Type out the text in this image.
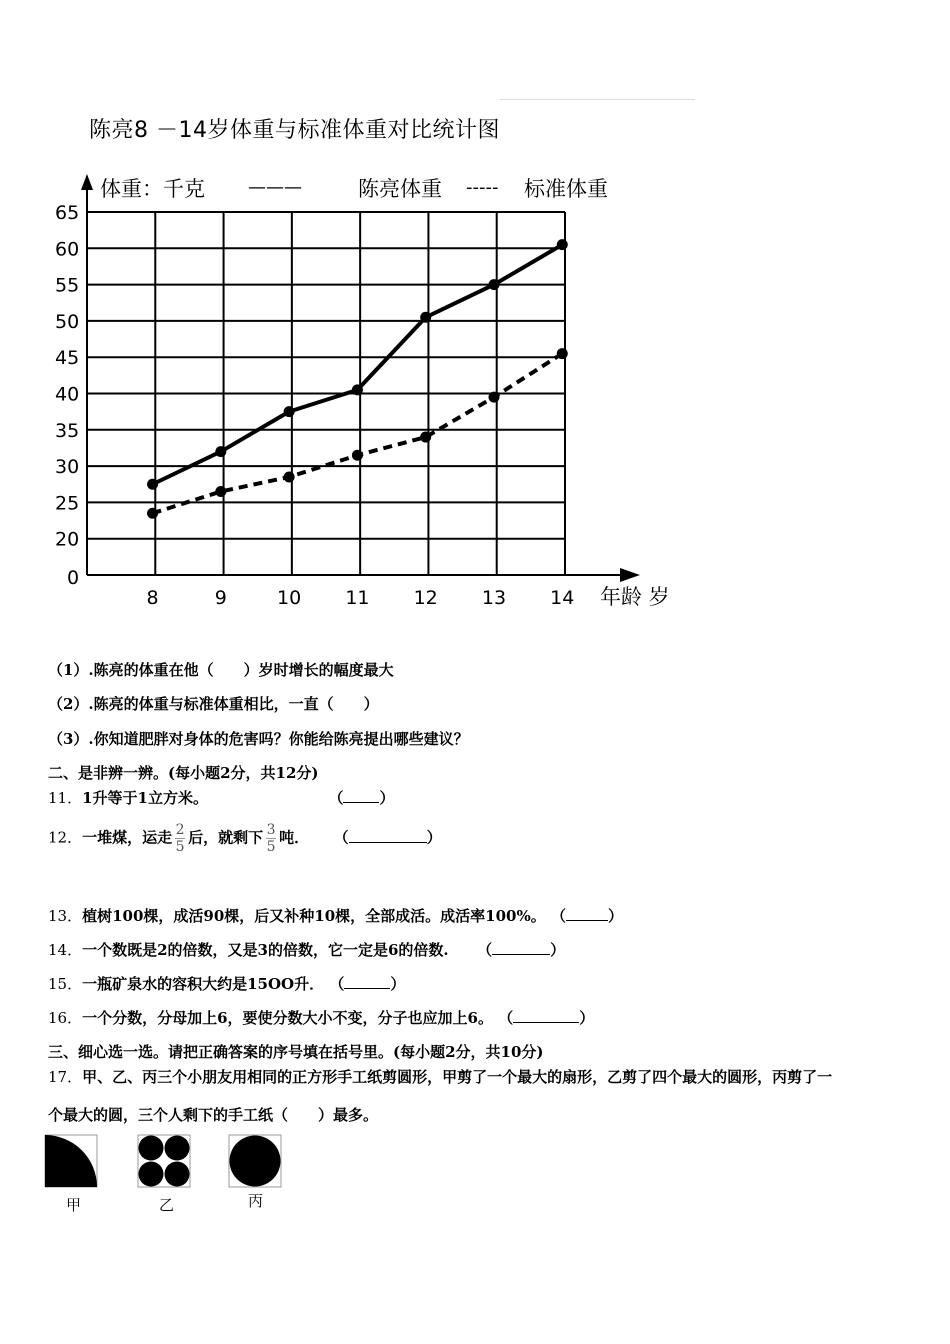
陈亮8 －14岁体重与标准体重对比统计图
0
20
25
30
35
40
45
50
55
60
65
8	9	10 11 12 13 14
体重：千克 ———	陈亮体重 ----- 标准体重
年龄 岁
（1）.陈亮的体重在他（　　）岁时增长的幅度最大
（2）.陈亮的体重与标准体重相比，一直（　　）
（3）.你知道肥胖对身体的危害吗？你能给陈亮提出哪些建议？
二、是非辨一辨。(每小题2分，共12分)
11．1升等于1立方米。	（ ）
12．一堆煤，运走 $\frac{2}{5}$ 后，就剩下 $\frac{3}{5}$ 吨． （	）
13．植树100棵，成活90棵，后又补种10棵，全部成活。成活率100%。 （	）
14．一个数既是2的倍数，又是3的倍数，它一定是6的倍数. （	）
15．一瓶矿泉水的容积大约是15OO升． （	）
16．一个分数，分母加上6，要使分数大小不变，分子也应加上6。 （	）
三、细心选一选。请把正确答案的序号填在括号里。(每小题2分，共10分)
17．甲、乙、丙三个小朋友用相同的正方形手工纸剪圆形，甲剪了一个最大的扇形，乙剪了四个最大的圆形，丙剪了一
个最大的圆，三个人剩下的手工纸（　　）最多。
甲	乙	丙
